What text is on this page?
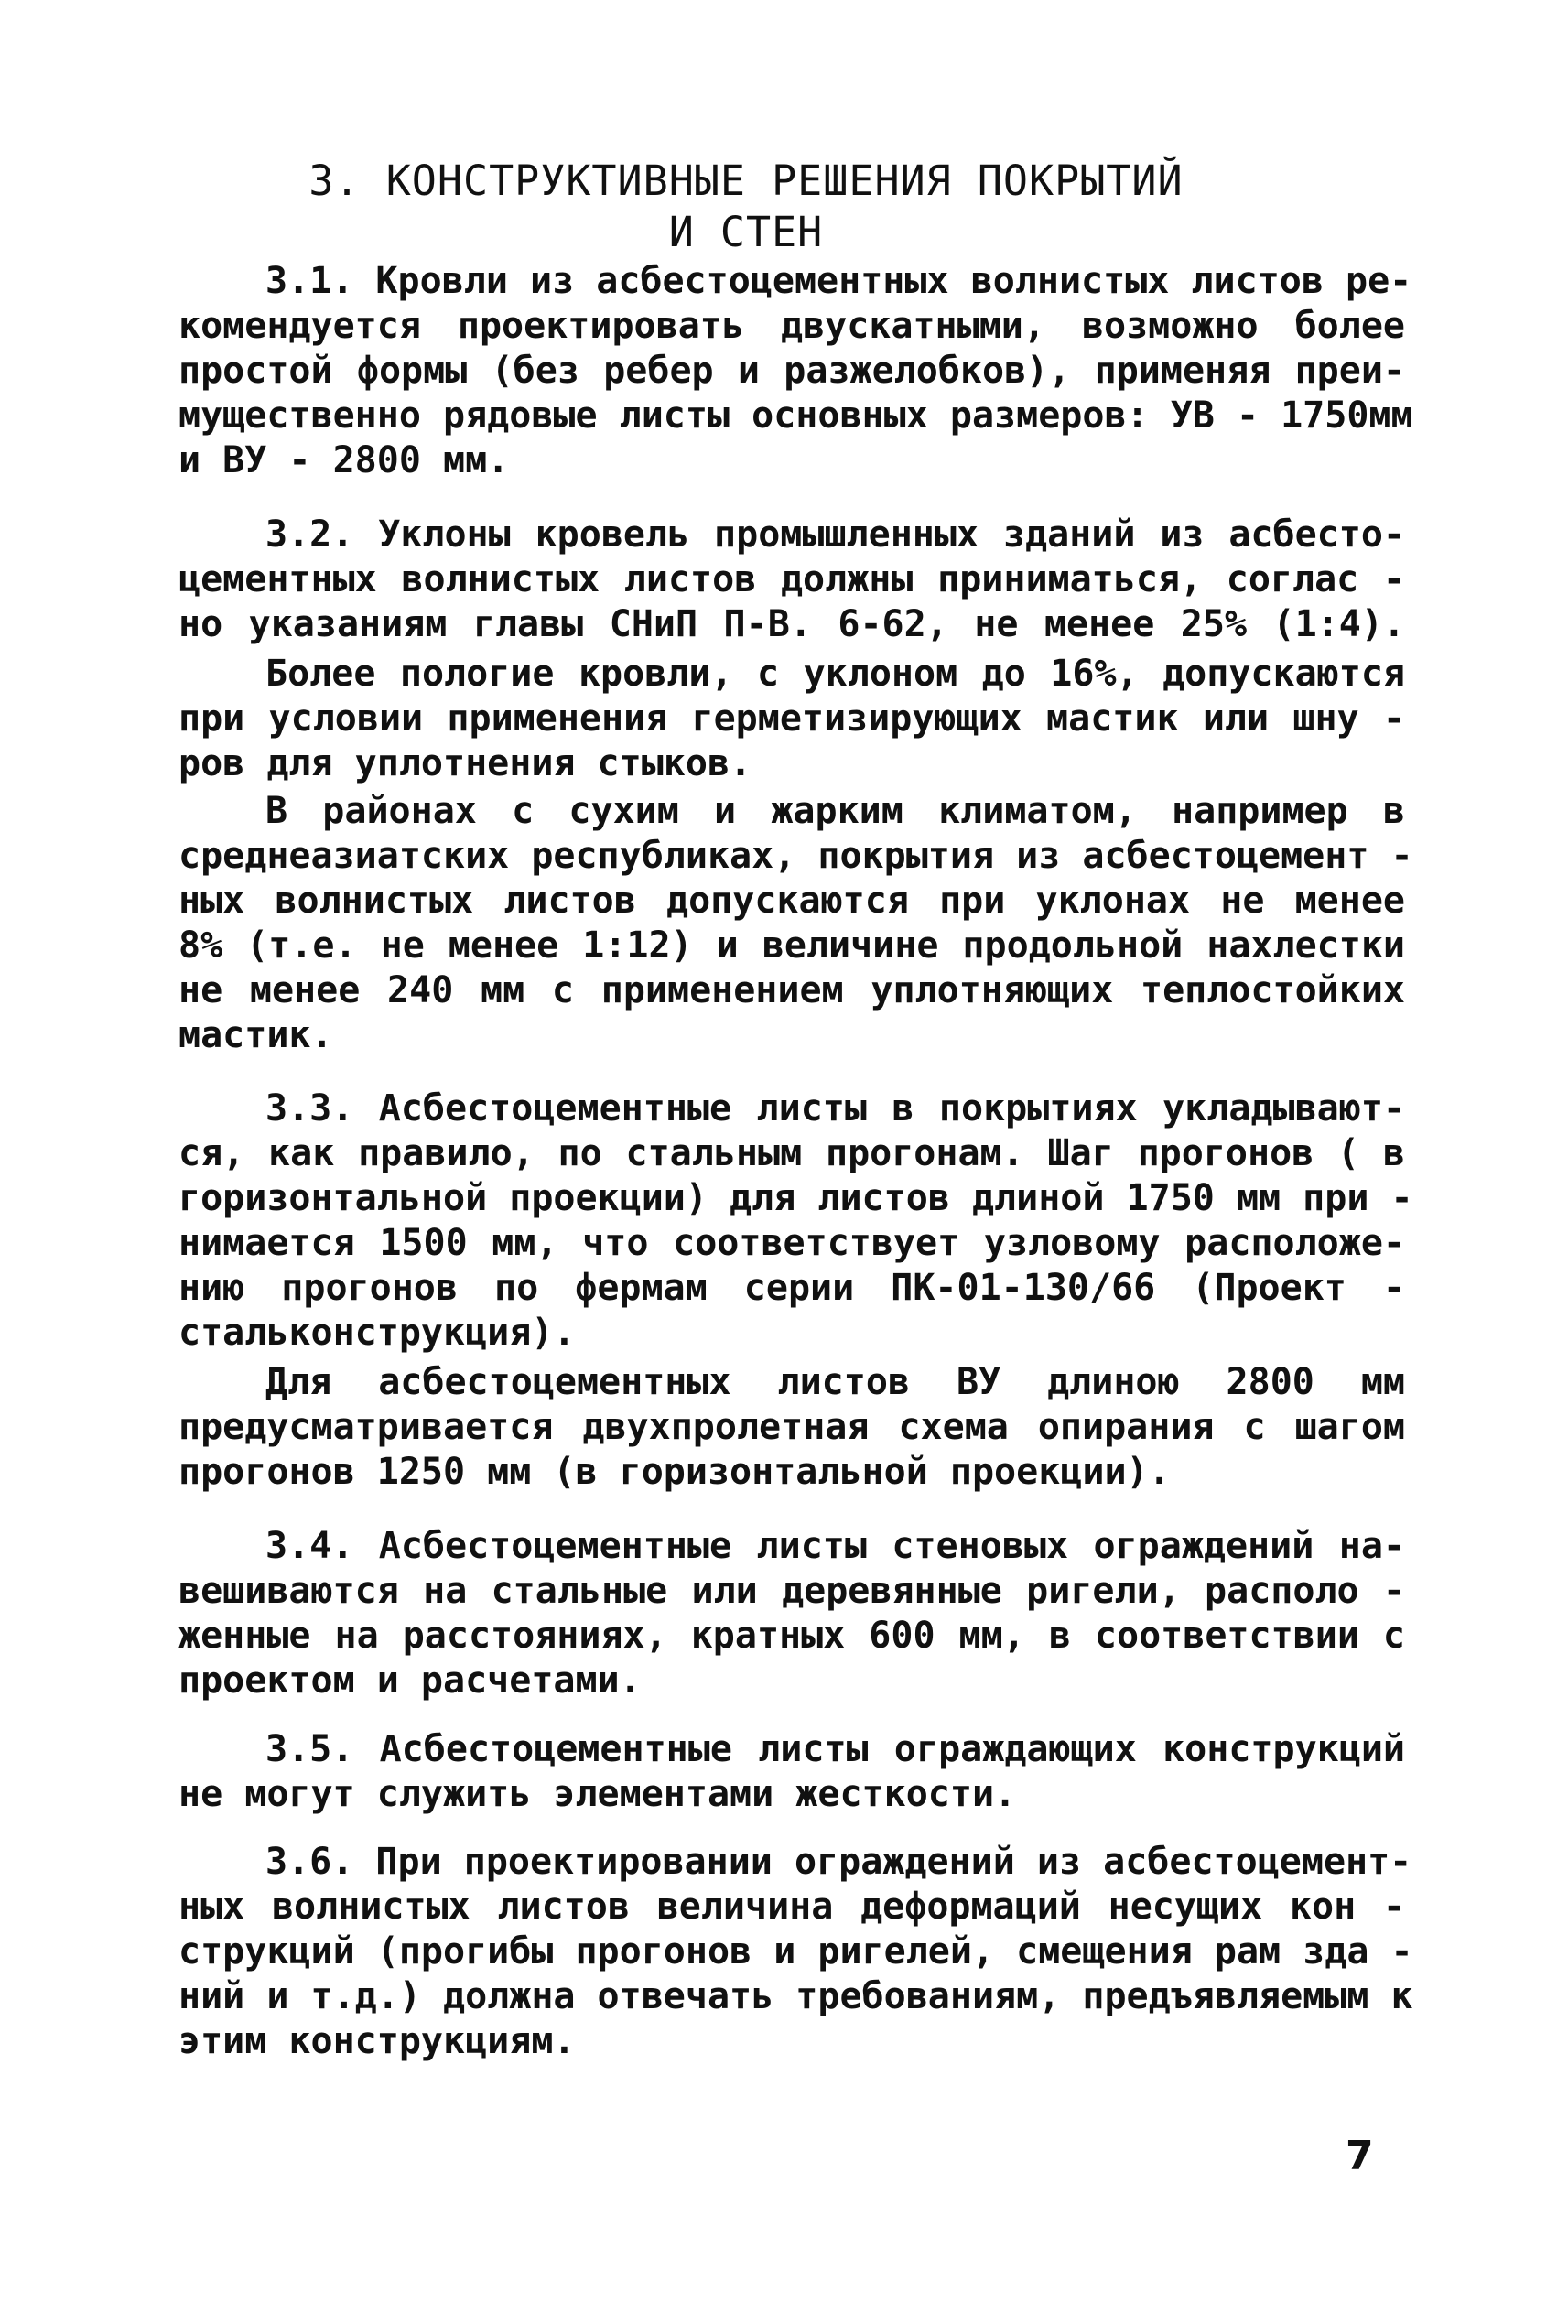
3. КОНСТРУКТИВНЫЕ РЕШЕНИЯ ПОКРЫТИЙ
И СТЕН
3.1. Кровли из асбестоцементных волнистых листов ре-
комендуется проектировать двускатными, возможно более
простой формы (без ребер и разжелобков), применяя преи-
мущественно рядовые листы основных размеров: УВ - 1750мм
и ВУ - 2800 мм.
3.2. Уклоны кровель промышленных зданий из асбесто-
цементных волнистых листов должны приниматься, соглас -
но указаниям главы СНиП П-В. 6-62, не менее 25% (1:4).
Более пологие кровли, с уклоном до 16%, допускаются
при условии применения герметизирующих мастик или шну -
ров для уплотнения стыков.
В районах с сухим и жарким климатом, например в
среднеазиатских республиках, покрытия из асбестоцемент -
ных волнистых листов допускаются при уклонах не менее
8% (т.е. не менее 1:12) и величине продольной нахлестки
не менее 240 мм с применением уплотняющих теплостойких
мастик.
3.3. Асбестоцементные листы в покрытиях укладывают-
ся, как правило, по стальным прогонам. Шаг прогонов ( в
горизонтальной проекции) для листов длиной 1750 мм при -
нимается 1500 мм, что соответствует узловому расположе-
нию прогонов по фермам серии ПК-01-130/66 (Проект -
стальконструкция).
Для асбестоцементных листов ВУ длиною 2800 мм
предусматривается двухпролетная схема опирания с шагом
прогонов 1250 мм (в горизонтальной проекции).
3.4. Асбестоцементные листы стеновых ограждений на-
вешиваются на стальные или деревянные ригели, располо -
женные на расстояниях, кратных 600 мм, в соответствии с
проектом и расчетами.
3.5. Асбестоцементные листы ограждающих конструкций
не могут служить элементами жесткости.
3.6. При проектировании ограждений из асбестоцемент-
ных волнистых листов величина деформаций несущих кон -
струкций (прогибы прогонов и ригелей, смещения рам зда -
ний и т.д.) должна отвечать требованиям, предъявляемым к
этим конструкциям.
7
